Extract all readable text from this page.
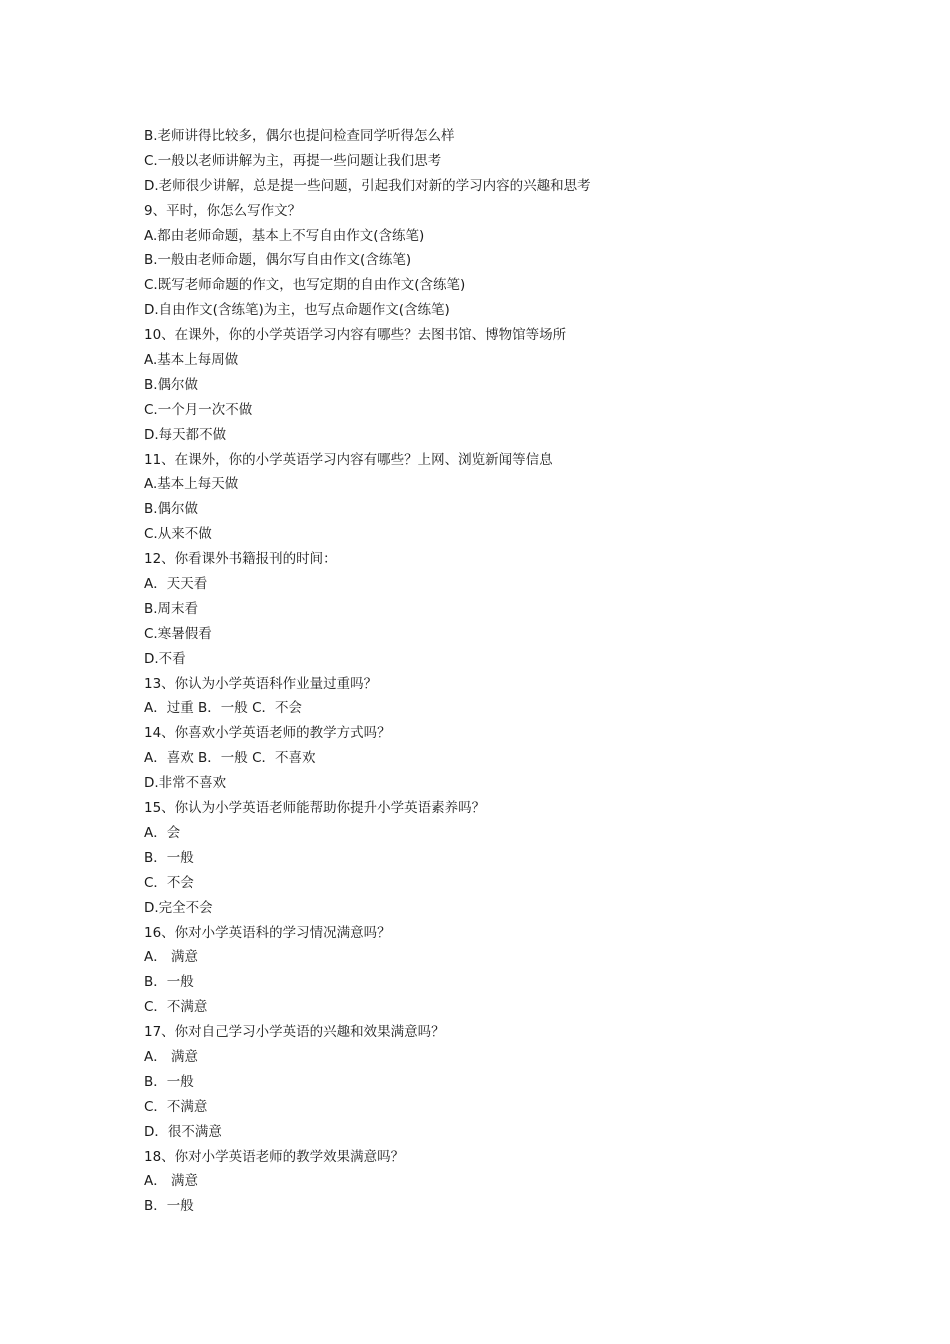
B.老师讲得比较多，偶尔也提问检查同学听得怎么样
C.一般以老师讲解为主，再提一些问题让我们思考
D.老师很少讲解，总是提一些问题，引起我们对新的学习内容的兴趣和思考
9、平时，你怎么写作文？
A.都由老师命题，基本上不写自由作文(含练笔)
B.一般由老师命题，偶尔写自由作文(含练笔)
C.既写老师命题的作文，也写定期的自由作文(含练笔)
D.自由作文(含练笔)为主，也写点命题作文(含练笔)
10、在课外，你的小学英语学习内容有哪些？去图书馆、博物馆等场所
A.基本上每周做
B.偶尔做
C.一个月一次不做
D.每天都不做
11、在课外，你的小学英语学习内容有哪些？上网、浏览新闻等信息
A.基本上每天做
B.偶尔做
C.从来不做
12、你看课外书籍报刊的时间：
A．天天看
B.周末看
C.寒暑假看
D.不看
13、你认为小学英语科作业量过重吗？
A．过重 B．一般 C．不会
14、你喜欢小学英语老师的教学方式吗？
A．喜欢 B．一般 C．不喜欢
D.非常不喜欢
15、你认为小学英语老师能帮助你提升小学英语素养吗？
A．会
B．一般
C．不会
D.完全不会
16、你对小学英语科的学习情况满意吗？
A． 满意
B．一般
C．不满意
17、你对自己学习小学英语的兴趣和效果满意吗？
A． 满意
B．一般
C．不满意
D．很不满意
18、你对小学英语老师的教学效果满意吗？
A． 满意
B．一般
